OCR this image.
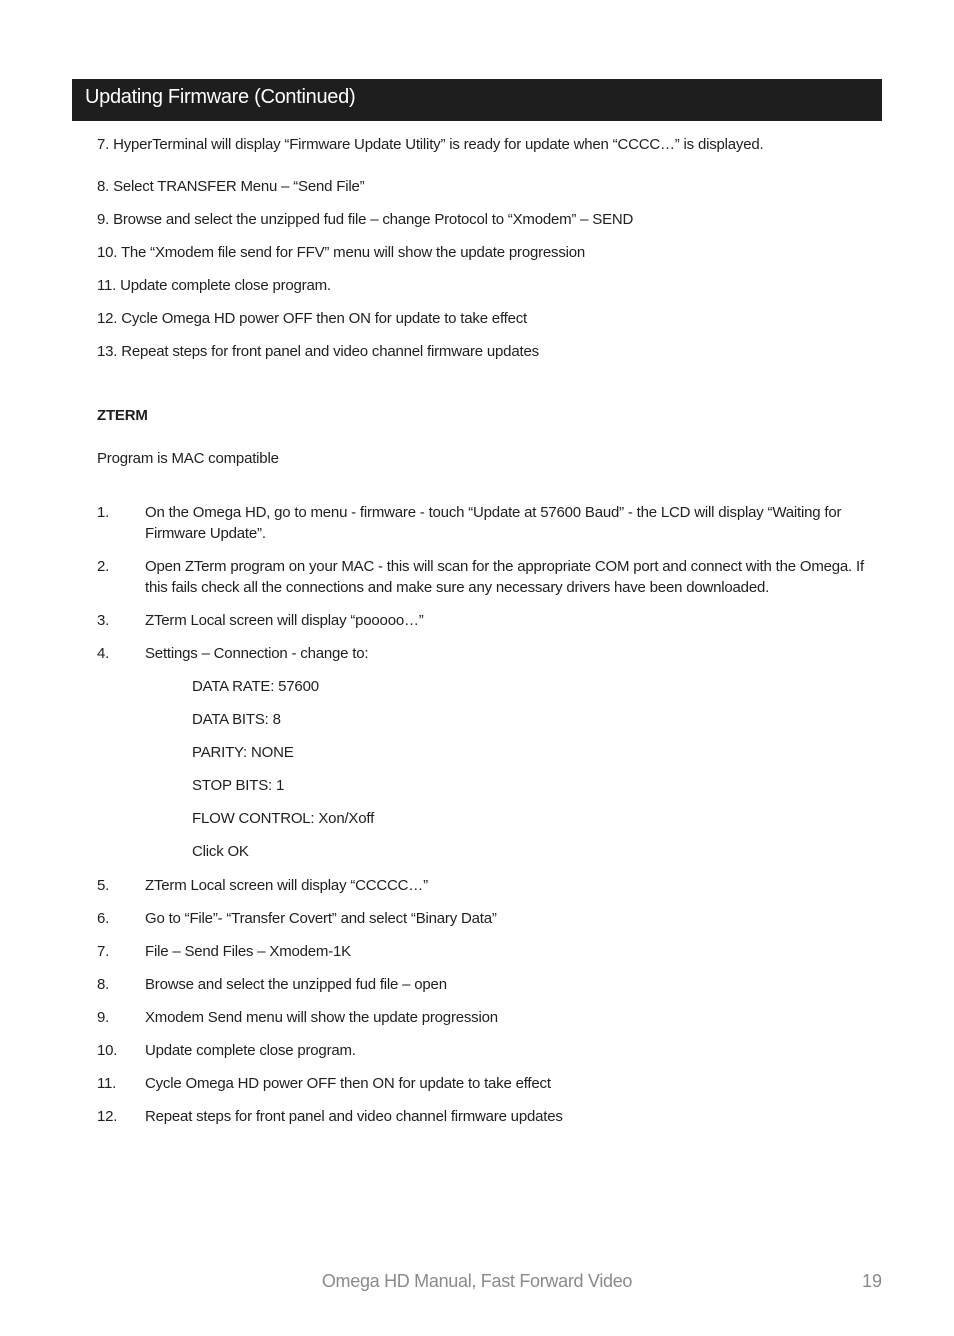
Updating Firmware (Continued)
7. HyperTerminal will display “Firmware Update Utility” is ready for update when “CCCC…” is displayed.
8. Select TRANSFER Menu – “Send File”
9. Browse and select the unzipped fud file – change Protocol to “Xmodem” – SEND
10. The “Xmodem file send for FFV” menu will show the update progression
11. Update complete close program.
12. Cycle Omega HD power OFF then ON for update to take effect
13. Repeat steps for front panel and video channel firmware updates
ZTERM
Program is MAC compatible
1. On the Omega HD, go to menu - firmware - touch “Update at 57600 Baud” - the LCD will display “Waiting for Firmware Update”.
2. Open ZTerm program on your MAC - this will scan for the appropriate COM port and connect with the Omega. If this fails check all the connections and make sure any necessary drivers have been downloaded.
3. ZTerm Local screen will display “pooooo…”
4. Settings – Connection - change to:
DATA RATE: 57600
DATA BITS: 8
PARITY: NONE
STOP BITS: 1
FLOW CONTROL: Xon/Xoff
Click OK
5. ZTerm Local screen will display “CCCCC…”
6. Go to “File”- “Transfer Covert” and select “Binary Data”
7. File – Send Files – Xmodem-1K
8. Browse and select the unzipped fud file – open
9. Xmodem Send menu will show the update progression
10. Update complete close program.
11. Cycle Omega HD power OFF then ON for update to take effect
12. Repeat steps for front panel and video channel firmware updates
Omega HD Manual, Fast Forward Video	19
